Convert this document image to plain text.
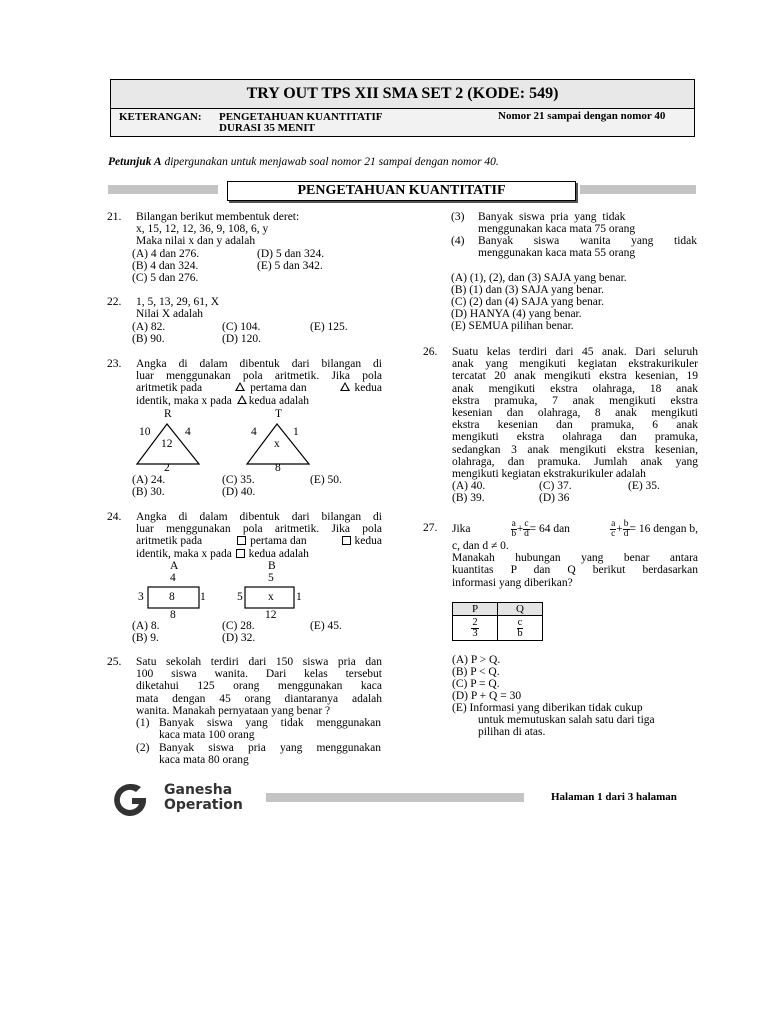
TRY OUT TPS XII SMA SET 2 (KODE: 549)
KETERANGAN: PENGETAHUAN KUANTITATIF
DURASI 35 MENIT
Nomor 21 sampai dengan nomor 40
Petunjuk A dipergunakan untuk menjawab soal nomor 21 sampai dengan nomor 40.
PENGETAHUAN KUANTITATIF
21. Bilangan berikut membentuk deret:
x, 15, 12, 12, 36, 9, 108, 6, y
Maka nilai x dan y adalah
(A) 4 dan 276.
(B) 4 dan 324.
(C) 5 dan 276.
(D) 5 dan 324.
(E) 5 dan 342.
22. 1, 5, 13, 29, 61, X
Nilai X adalah
(A) 82.
(B) 90.
(C) 104.
(D) 120.
(E) 125.
23. Angka di dalam dibentuk dari bilangan di
luar menggunakan pola aritmetik. Jika pola
aritmetik pada	pertama dan	kedua
identik, maka x pada kedua adalah
R
10	4
12
2
T
4	1
x
8
(A) 24.
(B) 30.
(C) 35.
(D) 40.
(E) 50.
24. Angka di dalam dibentuk dari bilangan di
luar menggunakan pola aritmetik. Jika pola
aritmetik pada	pertama dan	kedua
identik, maka x pada kedua adalah
A
4
3 8 1
8
B
5
5 x 1
12
(A) 8.
(B) 9.
(C) 28.
(D) 32.
(E) 45.
25. Satu sekolah terdiri dari 150 siswa pria dan
100 siswa wanita. Dari kelas tersebut
diketahui 125 orang menggunakan kaca
mata dengan 45 orang diantaranya adalah
wanita. Manakah pernyataan yang benar ?
(1) Banyak siswa yang tidak menggunakan
kaca mata 100 orang
(2) Banyak siswa pria yang menggunakan
kaca mata 80 orang
(3) Banyak siswa pria yang tidak
menggunakan kaca mata 75 orang
(4) Banyak siswa wanita yang tidak
menggunakan kaca mata 55 orang
(A) (1), (2), dan (3) SAJA yang benar.
(B) (1) dan (3) SAJA yang benar.
(C) (2) dan (4) SAJA yang benar.
(D) HANYA (4) yang benar.
(E) SEMUA pilihan benar.
26. Suatu kelas terdiri dari 45 anak. Dari seluruh
anak yang mengikuti kegiatan ekstrakurikuler
tercatat 20 anak mengikuti ekstra kesenian, 19
anak mengikuti ekstra olahraga, 18 anak
ekstra pramuka, 7 anak mengikuti ekstra
kesenian dan olahraga, 8 anak mengikuti
ekstra kesenian dan pramuka, 6 anak
mengikuti ekstra olahraga dan pramuka,
sedangkan 3 anak mengikuti ekstra kesenian,
olahraga, dan pramuka. Jumlah anak yang
mengikuti kegiatan ekstrakurikuler adalah
(A) 40.
(B) 39.
(C) 37.
(D) 36
(E) 35.
27. Jika	$\frac{a}{b} + \frac{c}{d} = 64$ dan	$\frac{a}{c} + \frac{b}{d} = 16$ dengan b,
c, dan d ≠ 0.
Manakah hubungan yang benar antara
kuantitas P dan Q berikut berdasarkan
informasi yang diberikan?
P	Q

$\frac{2}{3}$	$\frac{c}{b}$
(A) P > Q.
(B) P < Q.
(C) P = Q.
(D) P + Q = 30
(E) Informasi yang diberikan tidak cukup
untuk memutuskan salah satu dari tiga
pilihan di atas.
Ganesha
Operation	Halaman 1 dari 3 halaman
